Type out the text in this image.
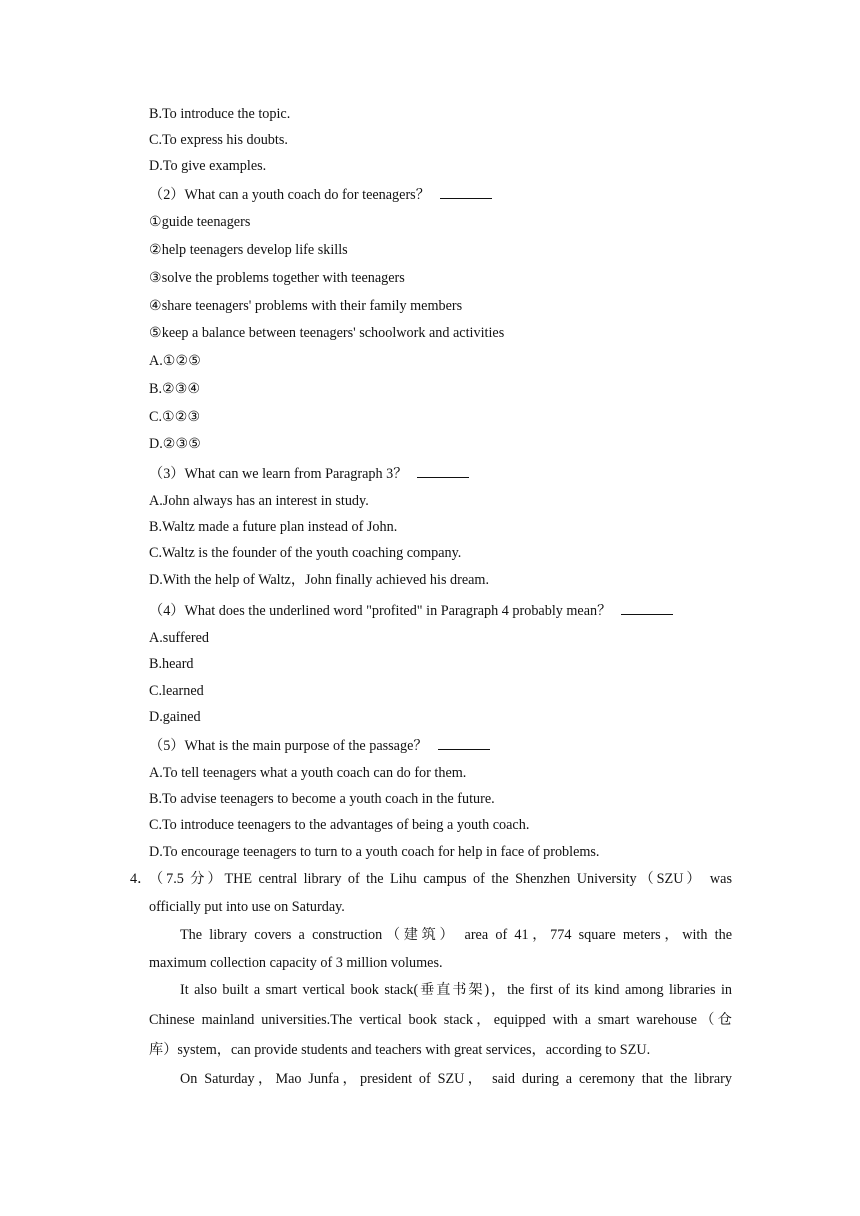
B.To introduce the topic.
C.To express his doubts.
D.To give examples.
（2）What can a youth coach do for teenagers？
①guide teenagers
②help teenagers develop life skills
③solve the problems together with teenagers
④share teenagers' problems with their family members
⑤keep a balance between teenagers' schoolwork and activities
A.①②⑤
B.②③④
C.①②③
D.②③⑤
（3）What can we learn from Paragraph 3？
A.John always has an interest in study.
B.Waltz made a future plan instead of John.
C.Waltz is the founder of the youth coaching company.
D.With the help of Waltz，John finally achieved his dream.
（4）What does the underlined word "profited" in Paragraph 4 probably mean？
A.suffered
B.heard
C.learned
D.gained
（5）What is the main purpose of the passage？
A.To tell teenagers what a youth coach can do for them.
B.To advise teenagers to become a youth coach in the future.
C.To introduce teenagers to the advantages of being a youth coach.
D.To encourage teenagers to turn to a youth coach for help in face of problems.
4．
（7.5 分）THE central library of the Lihu campus of the Shenzhen University（SZU） was
officially put into use on Saturday.
The library covers a construction（建筑） area of 41，774 square meters，with the
maximum collection capacity of 3 million volumes.
It also built a smart vertical book stack(垂直书架)，the first of its kind among libraries in
Chinese mainland universities.The vertical book stack，equipped with a smart warehouse（仓
库）system，can provide students and teachers with great services，according to SZU.
On Saturday，Mao Junfa，president of SZU， said during a ceremony that the library
